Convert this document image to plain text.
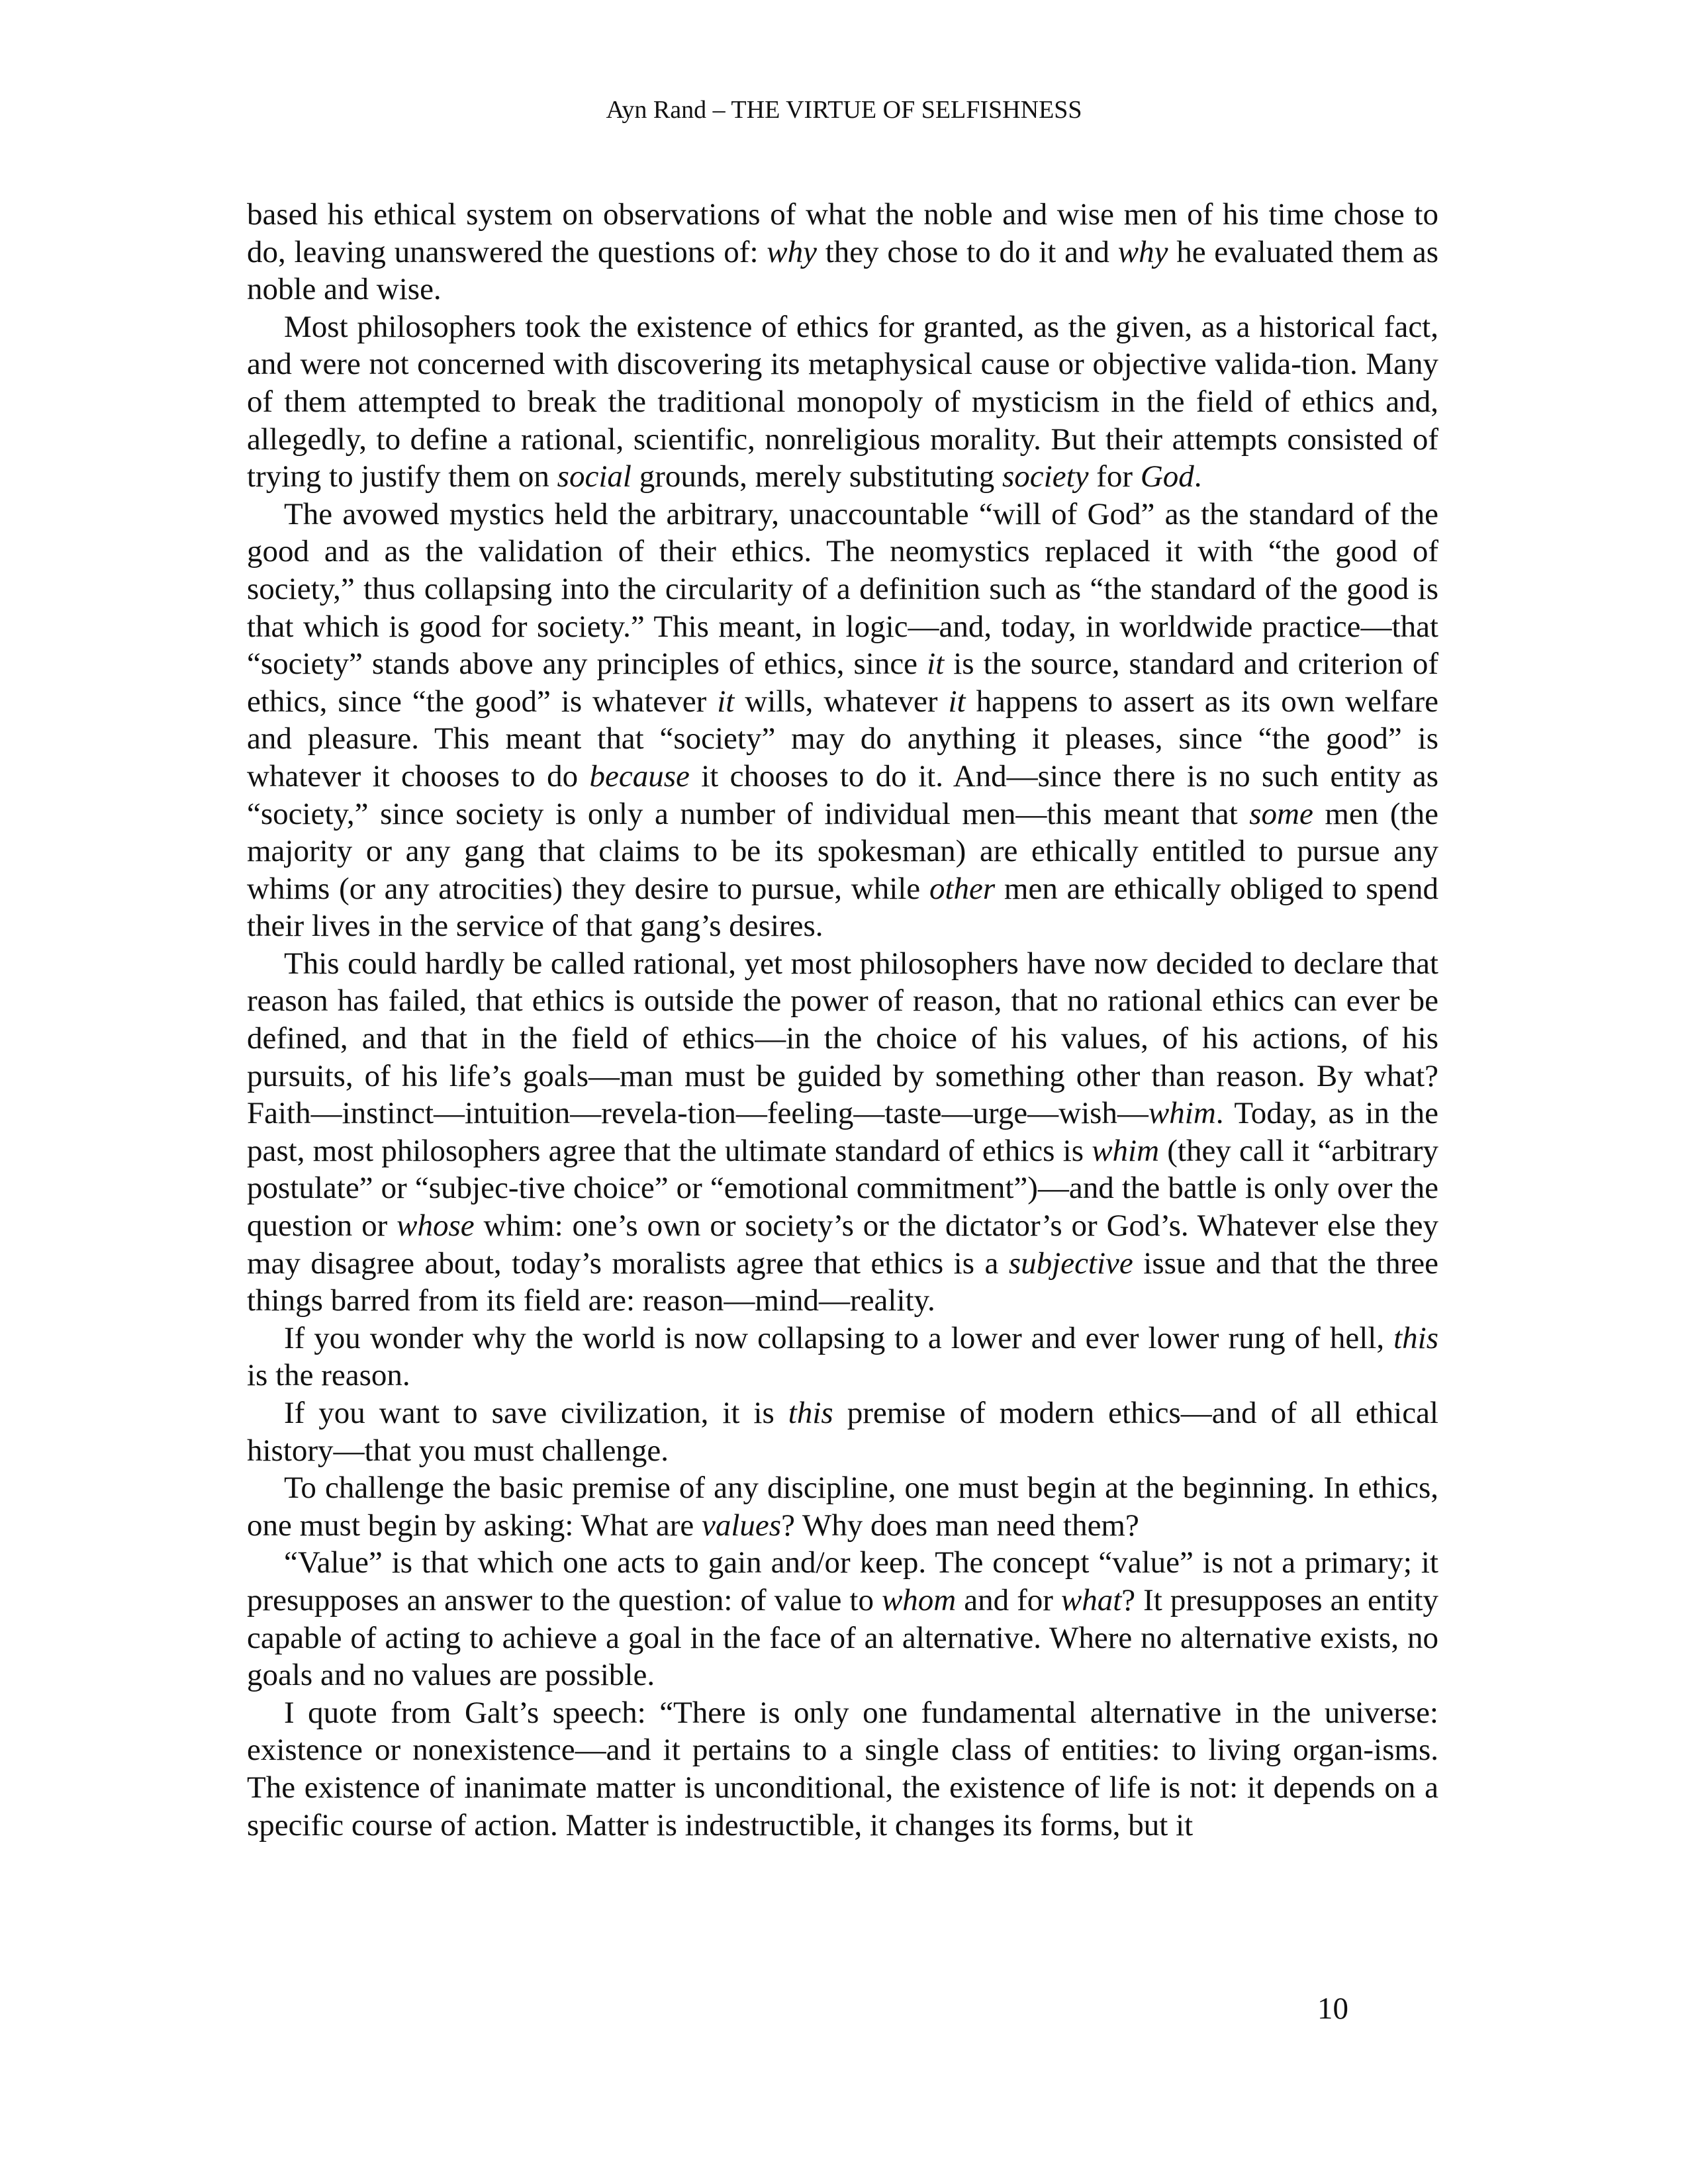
Ayn Rand – THE VIRTUE OF SELFISHNESS

based his ethical system on observations of what the noble and wise men of his time chose to do, leaving unanswered the questions of: why they chose to do it and why he evaluated them as noble and wise.

Most philosophers took the existence of ethics for granted, as the given, as a historical fact, and were not concerned with discovering its metaphysical cause or objective valida-tion. Many of them attempted to break the traditional monopoly of mysticism in the field of ethics and, allegedly, to define a rational, scientific, nonreligious morality. But their attempts consisted of trying to justify them on social grounds, merely substituting society for God.

The avowed mystics held the arbitrary, unaccountable “will of God” as the standard of the good and as the validation of their ethics. The neomystics replaced it with “the good of society,” thus collapsing into the circularity of a definition such as “the standard of the good is that which is good for society.” This meant, in logic—and, today, in worldwide practice—that “society” stands above any principles of ethics, since it is the source, standard and criterion of ethics, since “the good” is whatever it wills, whatever it happens to assert as its own welfare and pleasure. This meant that “society” may do anything it pleases, since “the good” is whatever it chooses to do because it chooses to do it. And—since there is no such entity as “society,” since society is only a number of individual men—this meant that some men (the majority or any gang that claims to be its spokesman) are ethically entitled to pursue any whims (or any atrocities) they desire to pursue, while other men are ethically obliged to spend their lives in the service of that gang’s desires.

This could hardly be called rational, yet most philosophers have now decided to declare that reason has failed, that ethics is outside the power of reason, that no rational ethics can ever be defined, and that in the field of ethics—in the choice of his values, of his actions, of his pursuits, of his life’s goals—man must be guided by something other than reason. By what? Faith—instinct—intuition—revela-tion—feeling—taste—urge—wish—whim. Today, as in the past, most philosophers agree that the ultimate standard of ethics is whim (they call it “arbitrary postulate” or “subjec-tive choice” or “emotional commitment”)—and the battle is only over the question or whose whim: one’s own or society’s or the dictator’s or God’s. Whatever else they may disagree about, today’s moralists agree that ethics is a subjective issue and that the three things barred from its field are: reason—mind—reality.

If you wonder why the world is now collapsing to a lower and ever lower rung of hell, this is the reason.

If you want to save civilization, it is this premise of modern ethics—and of all ethical history—that you must challenge.

To challenge the basic premise of any discipline, one must begin at the beginning. In ethics, one must begin by asking: What are values? Why does man need them?

“Value” is that which one acts to gain and/or keep. The concept “value” is not a primary; it presupposes an answer to the question: of value to whom and for what? It presupposes an entity capable of acting to achieve a goal in the face of an alternative. Where no alternative exists, no goals and no values are possible.

I quote from Galt’s speech: “There is only one fundamental alternative in the universe: existence or nonexistence—and it pertains to a single class of entities: to living organ-isms. The existence of inanimate matter is unconditional, the existence of life is not: it depends on a specific course of action. Matter is indestructible, it changes its forms, but it

10
